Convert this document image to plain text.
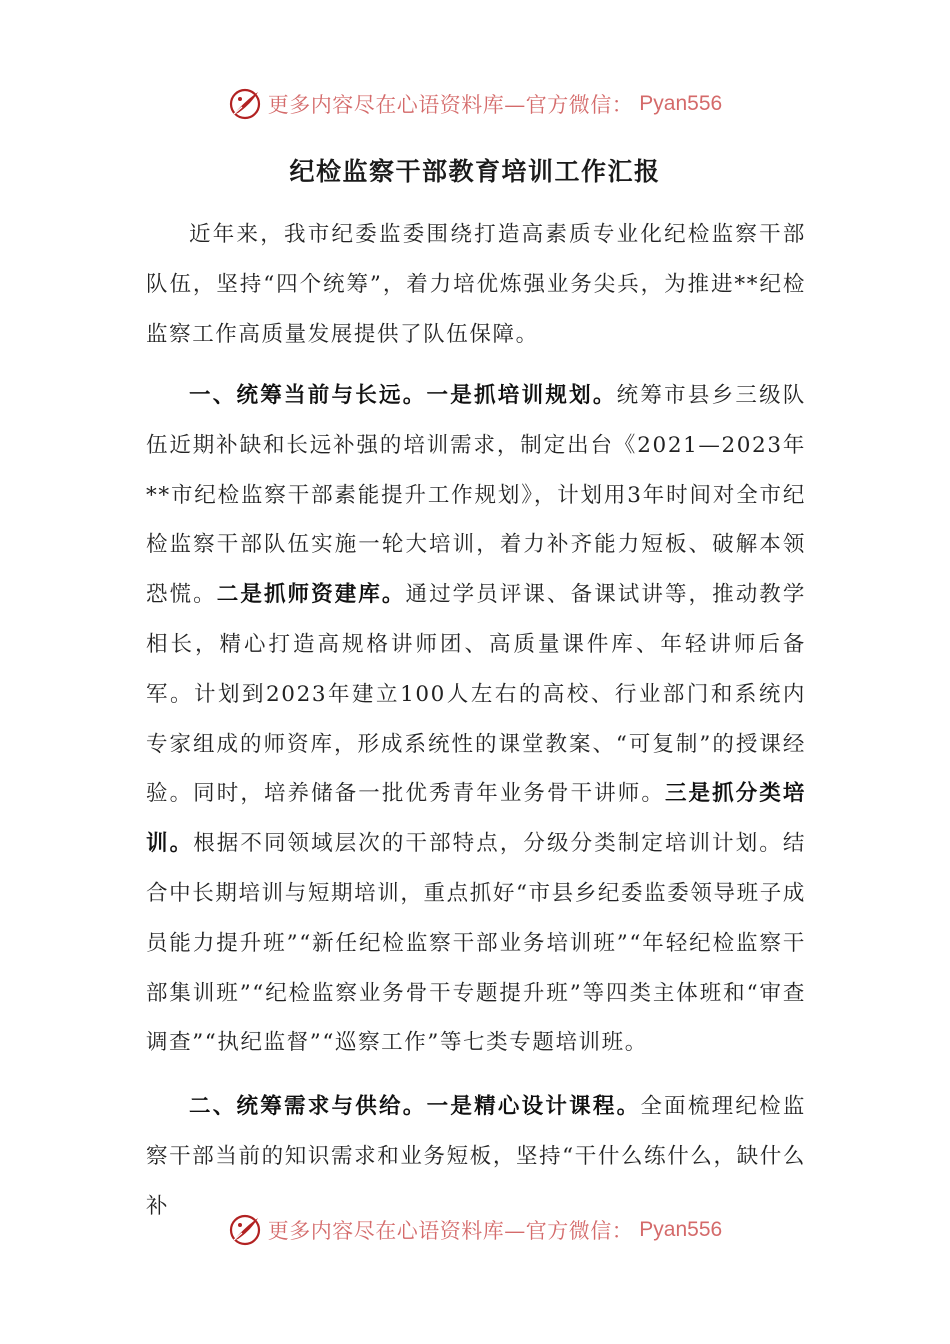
更多内容尽在心语资料库—官方微信： Pyan556
纪检监察干部教育培训工作汇报

近年来，我市纪委监委围绕打造高素质专业化纪检监察干部队伍，坚持“四个统筹”，着力培优炼强业务尖兵，为推进**纪检监察工作高质量发展提供了队伍保障。

一、统筹当前与长远。一是抓培训规划。统筹市县乡三级队伍近期补缺和长远补强的培训需求，制定出台《2021—2023年**市纪检监察干部素能提升工作规划》，计划用3年时间对全市纪检监察干部队伍实施一轮大培训，着力补齐能力短板、破解本领恐慌。二是抓师资建库。通过学员评课、备课试讲等，推动教学相长，精心打造高规格讲师团、高质量课件库、年轻讲师后备军。计划到2023年建立100人左右的高校、行业部门和系统内专家组成的师资库，形成系统性的课堂教案、“可复制”的授课经验。同时，培养储备一批优秀青年业务骨干讲师。三是抓分类培训。根据不同领域层次的干部特点，分级分类制定培训计划。结合中长期培训与短期培训，重点抓好“市县乡纪委监委领导班子成员能力提升班”“新任纪检监察干部业务培训班”“年轻纪检监察干部集训班”“纪检监察业务骨干专题提升班”等四类主体班和“审查调查”“执纪监督”“巡察工作”等七类专题培训班。

二、统筹需求与供给。一是精心设计课程。全面梳理纪检监察干部当前的知识需求和业务短板，坚持“干什么练什么，缺什么补

更多内容尽在心语资料库—官方微信： Pyan556
